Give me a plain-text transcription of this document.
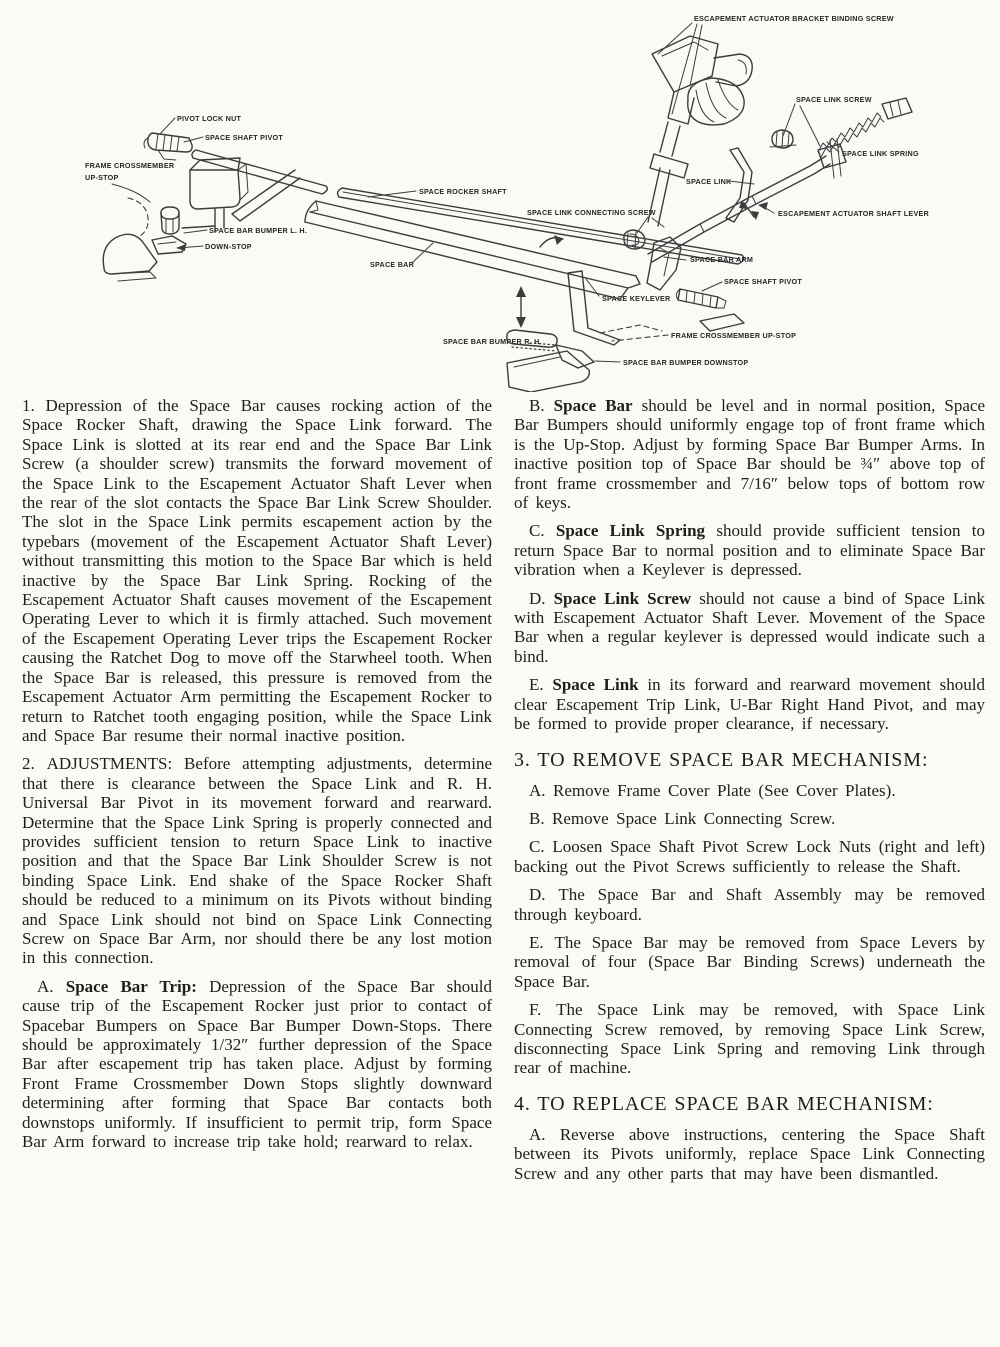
PIVOT LOCK NUT
SPACE SHAFT PIVOT
FRAME CROSSMEMBER
UP-STOP
SPACE BAR BUMPER L. H.
DOWN-STOP
SPACE ROCKER SHAFT
SPACE BAR
ESCAPEMENT ACTUATOR BRACKET BINDING SCREW
SPACE LINK SCREW
SPACE LINK SPRING
SPACE LINK
SPACE LINK CONNECTING SCREW	ESCAPEMENT ACTUATOR SHAFT LEVER
SPACE BAR ARM
SPACE SHAFT PIVOT
SPACE KEYLEVER
FRAME CROSSMEMBER UP-STOP
SPACE BAR BUMPER DOWNSTOP
SPACE BAR BUMPER R. H.

1. Depression of the Space Bar causes rocking action of the Space Rocker Shaft, drawing the Space Link forward. The Space Link is slotted at its rear end and the Space Bar Link Screw (a shoulder screw) transmits the forward movement of the Space Link to the Escapement Actuator Shaft Lever when the rear of the slot contacts the Space Bar Link Screw Shoulder. The slot in the Space Link permits escapement action by the typebars (movement of the Escapement Actuator Shaft Lever) without transmitting this motion to the Space Bar which is held inactive by the Space Bar Link Spring. Rocking of the Escapement Actuator Shaft causes movement of the Escapement Operating Lever to which it is firmly attached. Such movement of the Escapement Operating Lever trips the Escapement Rocker causing the Ratchet Dog to move off the Starwheel tooth. When the Space Bar is released, this pressure is removed from the Escapement Actuator Arm permitting the Escapement Rocker to return to Ratchet tooth engaging position, while the Space Link and Space Bar resume their normal inactive position.

2. ADJUSTMENTS: Before attempting adjustments, determine that there is clearance between the Space Link and R. H. Universal Bar Pivot in its movement forward and rearward. Determine that the Space Link Spring is properly connected and provides sufficient tension to return Space Link to inactive position and that the Space Bar Link Shoulder Screw is not binding Space Link. End shake of the Space Rocker Shaft should be reduced to a minimum on its Pivots without binding and Space Link should not bind on Space Link Connecting Screw on Space Bar Arm, nor should there be any lost motion in this connection.

A. Space Bar Trip: Depression of the Space Bar should cause trip of the Escapement Rocker just prior to contact of Spacebar Bumpers on Space Bar Bumper Down-Stops. There should be approximately 1/32″ further depression of the Space Bar after escapement trip has taken place. Adjust by forming Front Frame Crossmember Down Stops slightly downward determining after forming that Space Bar contacts both downstops uniformly. If insufficient to permit trip, form Space Bar Arm forward to increase trip take hold; rearward to relax.

B. Space Bar should be level and in normal position, Space Bar Bumpers should uniformly engage top of front frame which is the Up-Stop. Adjust by forming Space Bar Bumper Arms. In inactive position top of Space Bar should be ¾″ above top of front frame crossmember and 7/16″ below tops of bottom row of keys.

C. Space Link Spring should provide sufficient tension to return Space Bar to normal position and to eliminate Space Bar vibration when a Keylever is depressed.

D. Space Link Screw should not cause a bind of Space Link with Escapement Actuator Shaft Lever. Movement of the Space Bar when a regular keylever is depressed would indicate such a bind.

E. Space Link in its forward and rearward movement should clear Escapement Trip Link, U-Bar Right Hand Pivot, and may be formed to provide proper clearance, if necessary.

3. TO REMOVE SPACE BAR MECHANISM:

A. Remove Frame Cover Plate (See Cover Plates).

B. Remove Space Link Connecting Screw.

C. Loosen Space Shaft Pivot Screw Lock Nuts (right and left) backing out the Pivot Screws sufficiently to release the Shaft.

D. The Space Bar and Shaft Assembly may be removed through keyboard.

E. The Space Bar may be removed from Space Levers by removal of four (Space Bar Binding Screws) underneath the Space Bar.

F. The Space Link may be removed, with Space Link Connecting Screw removed, by removing Space Link Screw, disconnecting Space Link Spring and removing Link through rear of machine.

4. TO REPLACE SPACE BAR MECHANISM:

A. Reverse above instructions, centering the Space Shaft between its Pivots uniformly, replace Space Link Connecting Screw and any other parts that may have been dismantled.
